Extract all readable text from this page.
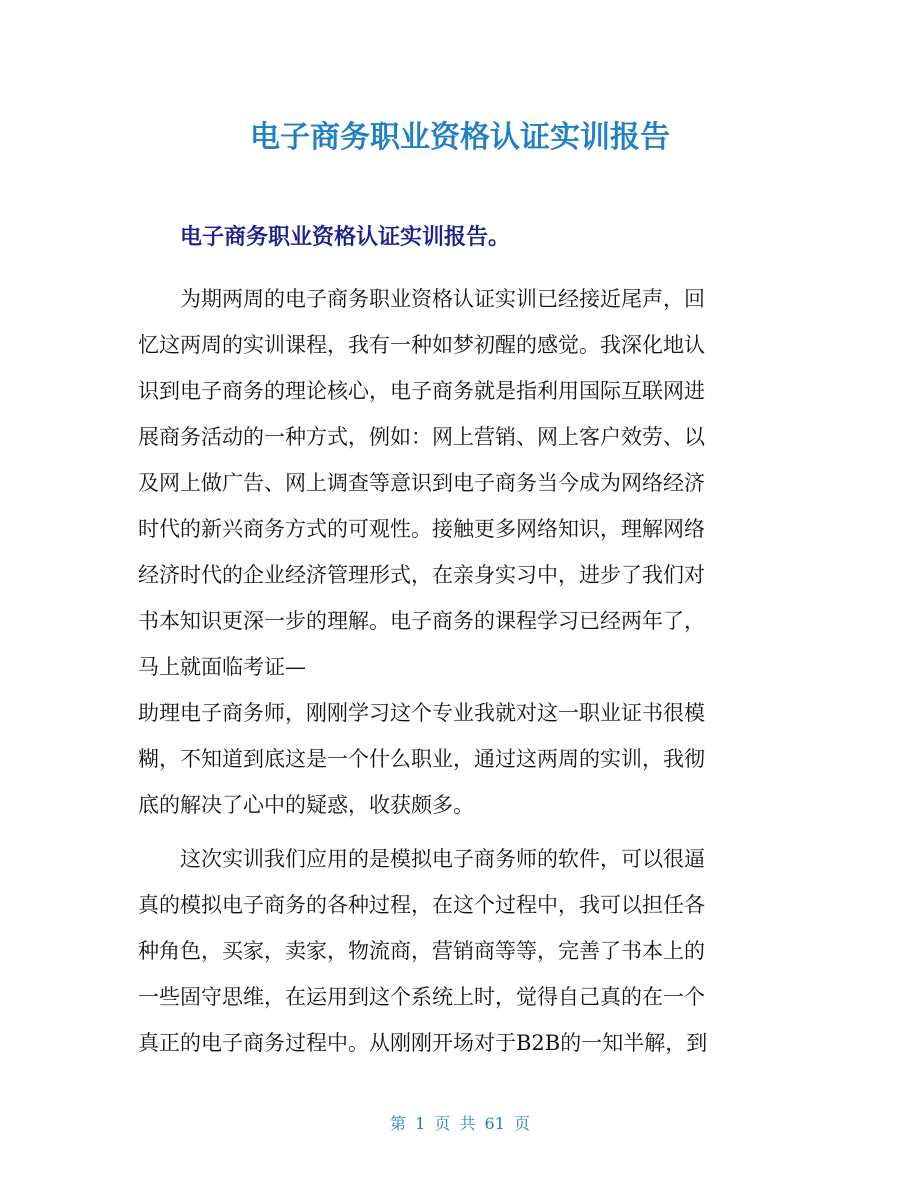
电子商务职业资格认证实训报告
电子商务职业资格认证实训报告。
　　为期两周的电子商务职业资格认证实训已经接近尾声，回
忆这两周的实训课程，我有一种如梦初醒的感觉。我深化地认
识到电子商务的理论核心，电子商务就是指利用国际互联网进
展商务活动的一种方式，例如：网上营销、网上客户效劳、以
及网上做广告、网上调查等意识到电子商务当今成为网络经济
时代的新兴商务方式的可观性。接触更多网络知识，理解网络
经济时代的企业经济管理形式，在亲身实习中，进步了我们对
书本知识更深一步的理解。电子商务的课程学习已经两年了，
马上就面临考证—
助理电子商务师，刚刚学习这个专业我就对这一职业证书很模
糊，不知道到底这是一个什么职业，通过这两周的实训，我彻
底的解决了心中的疑惑，收获颇多。
　　这次实训我们应用的是模拟电子商务师的软件，可以很逼
真的模拟电子商务的各种过程，在这个过程中，我可以担任各
种角色，买家，卖家，物流商，营销商等等，完善了书本上的
一些固守思维，在运用到这个系统上时，觉得自己真的在一个
真正的电子商务过程中。从刚刚开场对于B2B的一知半解，到
第 1 页 共 61 页
